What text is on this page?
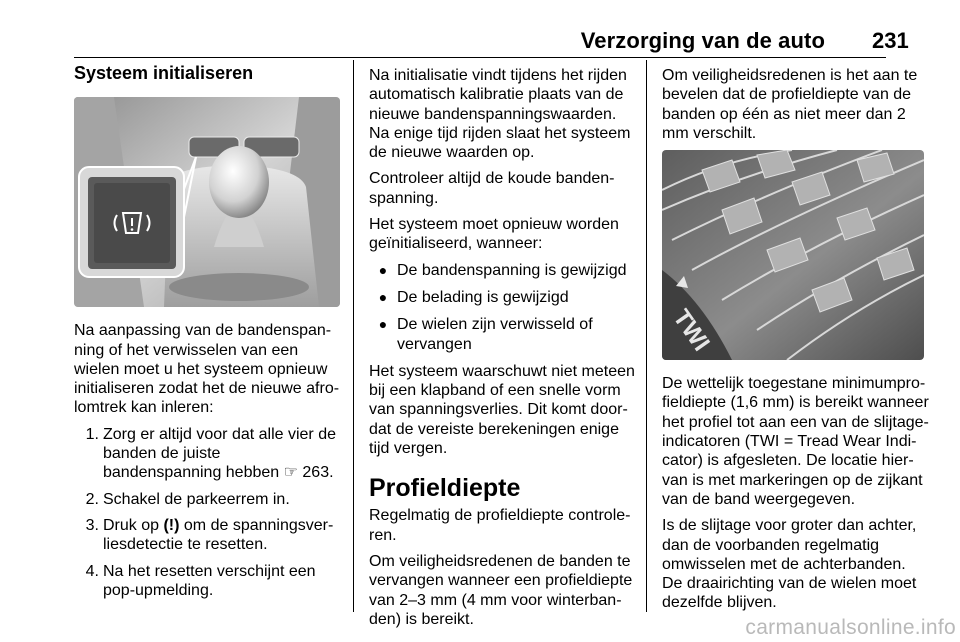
Verzorging van de auto 231
Systeem initialiseren

Na aanpassing van de bandenspanning of het verwisselen van een wielen moet u het systeem opnieuw initialiseren zodat het de nieuwe afrolomtrek kan inleren:

1. Zorg er altijd voor dat alle vier de banden de juiste bandenspanning hebben ☞ 263.
2. Schakel de parkeerrem in.
3. Druk op (!) om de spanningsverliesdetectie te resetten.
4. Na het resetten verschijnt een pop-upmelding.

Na initialisatie vindt tijdens het rijden automatisch kalibratie plaats van de nieuwe bandenspanningswaarden. Na enige tijd rijden slaat het systeem de nieuwe waarden op.

Controleer altijd de koude bandenspanning.

Het systeem moet opnieuw worden geïnitialiseerd, wanneer:

● De bandenspanning is gewijzigd
● De belading is gewijzigd
● De wielen zijn verwisseld of vervangen

Het systeem waarschuwt niet meteen bij een klapband of een snelle vorm van spanningsverlies. Dit komt doordat de vereiste berekeningen enige tijd vergen.

Profieldiepte

Regelmatig de profieldiepte controleren.

Om veiligheidsredenen de banden te vervangen wanneer een profieldiepte van 2–3 mm (4 mm voor winterbanden) is bereikt.

Om veiligheidsredenen is het aan te bevelen dat de profieldiepte van de banden op één as niet meer dan 2 mm verschilt.

TWI

De wettelijk toegestane minimumprofieldiepte (1,6 mm) is bereikt wanneer het profiel tot aan een van de slijtage-indicatoren (TWI = Tread Wear Indicator) is afgesleten. De locatie hiervan is met markeringen op de zijkant van de band weergegeven.

Is de slijtage voor groter dan achter, dan de voorbanden regelmatig omwisselen met de achterbanden. De draairichting van de wielen moet dezelfde blijven.

carmanualsonline.info
